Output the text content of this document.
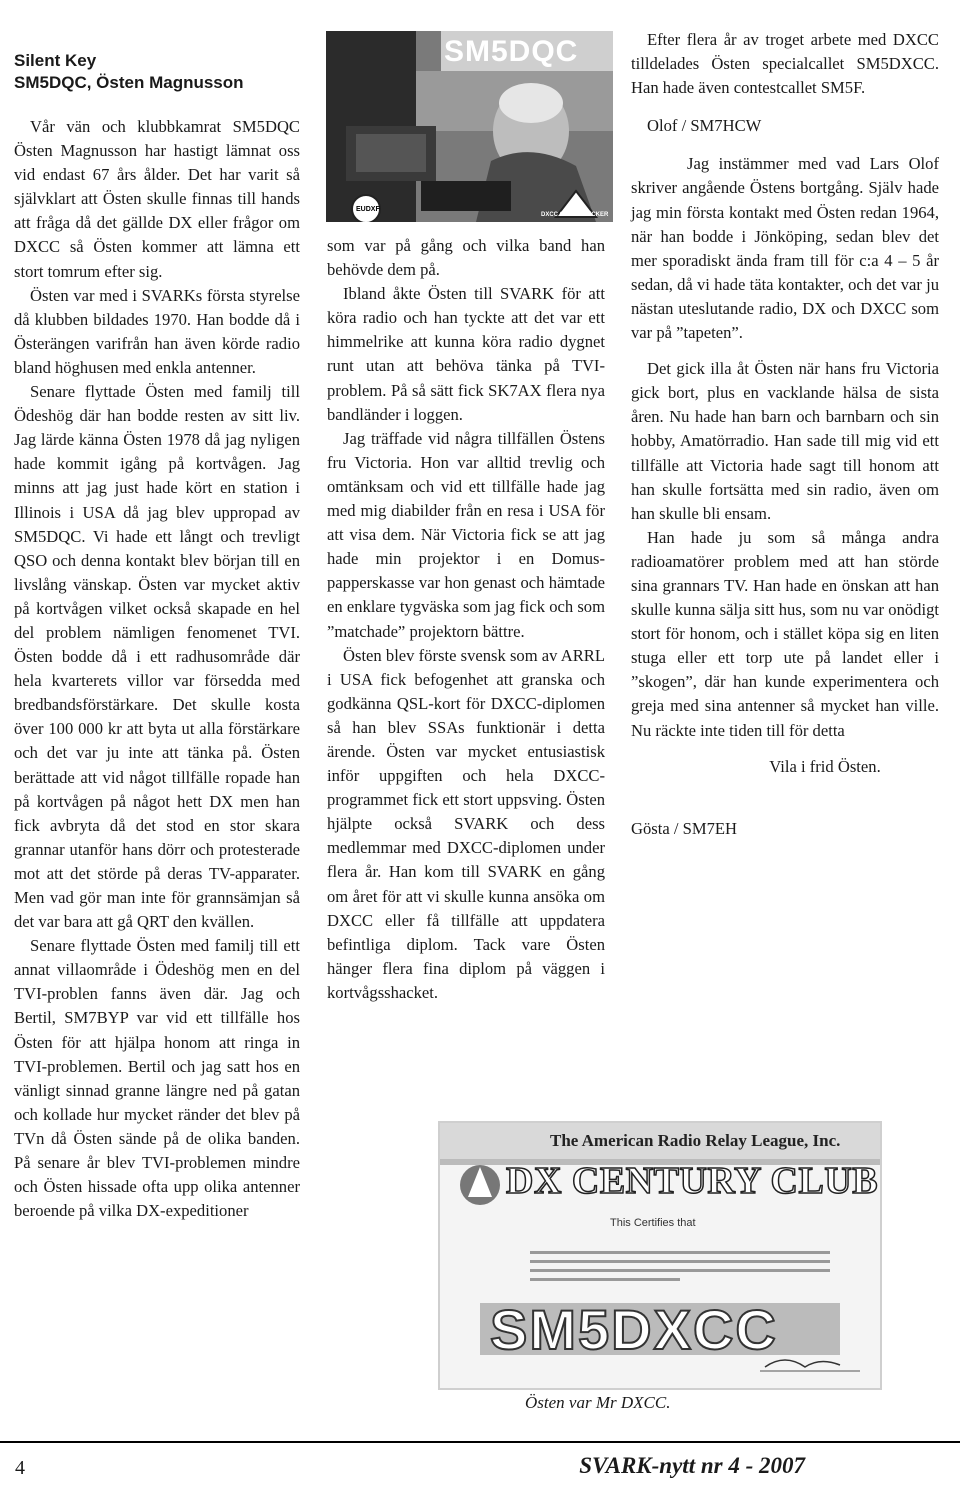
Silent Key
SM5DQC, Östen Magnusson

Vår vän och klubbkamrat SM5DQC Östen Magnusson har hastigt lämnat oss vid endast 67 års ålder. Det har varit så självklart att Östen skulle finnas till hands att fråga då det gällde DX eller frågor om DXCC så Östen kommer att lämna ett stort tomrum efter sig.

Östen var med i SVARKs första styrelse då klubben bildades 1970. Han bodde då i Österängen varifrån han även körde radio bland höghusen med enkla antenner.

Senare flyttade Östen med familj till Ödeshög där han bodde resten av sitt liv. Jag lärde känna Östen 1978 då jag nyligen hade kommit igång på kortvågen. Jag minns att jag just hade kört en station i Illinois i USA då jag blev uppropad av SM5DQC. Vi hade ett långt och trevligt QSO och denna kontakt blev början till en livslång vänskap. Östen var mycket aktiv på kortvågen vilket också skapade en hel del problem nämligen fenomenet TVI. Östen bodde då i ett radhusområde där hela kvarterets villor var försedda med bredbandsförstärkare. Det skulle kosta över 100 000 kr att byta ut alla förstärkare och det var ju inte att tänka på. Östen berättade att vid något tillfälle ropade han på kortvågen på något hett DX men han fick avbryta då det stod en stor skara grannar utanför hans dörr och protesterade mot att det störde på deras TV-apparater. Men vad gör man inte för grannsämjan så det var bara att gå QRT den kvällen.

Senare flyttade Östen med familj till ett annat villaområde i Ödeshög men en del TVI-problen fanns även där. Jag och Bertil, SM7BYP var vid ett tillfälle hos Östen för att hjälpa honom att ringa in TVI-problemen. Bertil och jag satt hos en vänligt sinnad granne längre ned på gatan och kollade hur mycket ränder det blev på TVn då Östen sände på de olika banden. På senare år blev TVI-problemen mindre och Östen hissade ofta upp olika antenner beroende på vilka DX-expeditioner

SM5DQC
EUDXF
DXCC CARD CHECKER

som var på gång och vilka band han behövde dem på.

Ibland åkte Östen till SVARK för att köra radio och han tyckte att det var ett himmelrike att kunna köra radio dygnet runt utan att behöva tänka på TVI-problem. På så sätt fick SK7AX flera nya bandländer i loggen.

Jag träffade vid några tillfällen Östens fru Victoria. Hon var alltid trevlig och omtänksam och vid ett tillfälle hade jag med mig diabilder från en resa i USA för att visa dem. När Victoria fick se att jag hade min projektor i en Domus-papperskasse var hon genast och hämtade en enklare tygväska som jag fick och som ”matchade” projektorn bättre.

Östen blev förste svensk som av ARRL i USA fick befogenhet att granska och godkänna QSL-kort för DXCC-diplomen så han blev SSAs funktionär i detta ärende. Östen var mycket entusiastisk inför uppgiften och hela DXCC-programmet fick ett stort uppsving. Östen hjälpte också SVARK och dess medlemmar med DXCC-diplomen under flera år. Han kom till SVARK en gång om året för att vi skulle kunna ansöka om DXCC eller få tillfälle att uppdatera befintliga diplom. Tack vare Östen hänger flera fina diplom på väggen i kortvågsshacket.

Efter flera år av troget arbete med DXCC tilldelades Östen specialcallet SM5DXCC. Han hade även contestcallet SM5F.

Olof / SM7HCW

Jag instämmer med vad Lars Olof skriver angående Östens bortgång. Själv hade jag min första kontakt med Östen redan 1964, när han bodde i Jönköping, sedan blev det mer sporadiskt ända fram till för c:a 4 – 5 år sedan, då vi hade täta kontakter, och det var ju nästan uteslutande radio, DX och DXCC som var på ”tapeten”.

Det gick illa åt Östen när hans fru Victoria gick bort, plus en vacklande hälsa de sista åren. Nu hade han barn och barnbarn och sin hobby, Amatörradio. Han sade till mig vid ett tillfälle att Victoria hade sagt till honom att han skulle fortsätta med sin radio, även om han skulle bli ensam.

Han hade ju som så många andra radioamatörer problem med att han störde sina grannars TV. Han hade en önskan att han skulle kunna sälja sitt hus, som nu var onödigt stort för honom, och i stället köpa sig en liten stuga eller ett torp ute på landet eller i ”skogen”, där han kunde experimentera och greja med sina antenner så mycket han ville. Nu räckte inte tiden till för detta

Vila i frid Östen.

Gösta / SM7EH

The American Radio Relay League, Inc.
DX CENTURY CLUB
This Certifies that
SM5DXCC
Östen var Mr DXCC.
4	SVARK-nytt nr 4 - 2007
